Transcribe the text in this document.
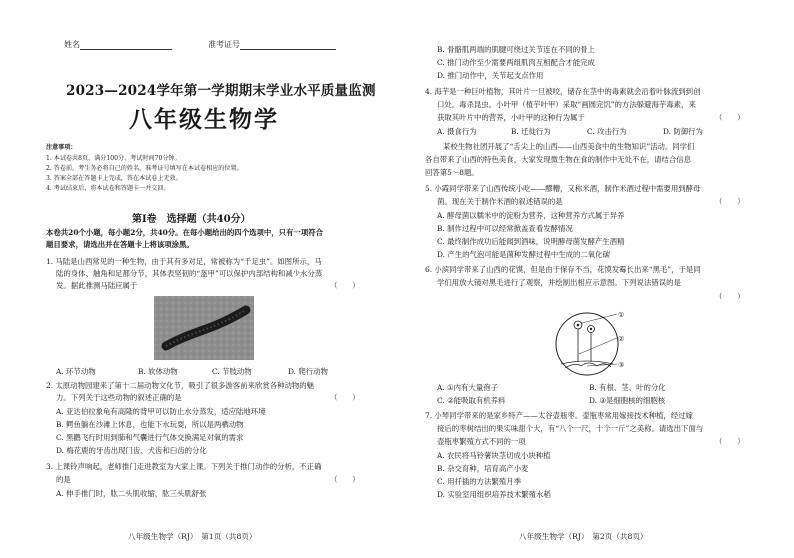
姓名	准考证号
2023—2024学年第一学期期末学业水平质量监测
八年级生物学
注意事项：
1. 本试卷共8页，满分100分，考试时间70分钟。
2. 答卷前，考生务必将自己的姓名、准考证号填写在本试卷相应的位置。
3. 答案全部在答题卡上完成，答在本试卷上无效。
4. 考试结束后，将本试卷和答题卡一并交回。
第Ⅰ卷　选择题（共40分）
本卷共20个小题，每小题2分，共40分。在每小题给出的四个选项中，只有一项符合
题目要求，请选出并在答题卡上将该项涂黑。
1. 马陆是山西常见的一种生物，由于其有多对足，常被称为“千足虫”。如图所示，马
陆的身体、触角和足都分节，其体表坚韧的“盔甲”可以保护内部结构和减少水分蒸
发。据此推测马陆应属于	（　　）
A. 环节动物	B. 软体动物	C. 节肢动物	D. 爬行动物
2. 太原动物园建来了第十二届动物文化节，吸引了很多游客前来欣赏各种动物的魅
力。下列关于这些动物的叙述正确的是	（　　）
A. 亚达伯拉象龟有高隆的背甲可以防止水分蒸发，适应陆地环境
B. 鳄鱼躺在沙滩上休息，也能下水玩耍，所以是两栖动物
C. 黑鹳飞行时用到肺和气囊进行气体交换满足对氧的需求
D. 梅花鹿的牙齿出现门齿、犬齿和臼齿的分化
3. 上课铃声响起，老师推门走进教室为大家上课。下列关于推门动作的分析，不正确
的是	（　　）
A. 伸手推门时，肱二头肌收缩，肱三头肌舒张
八年级生物学（RJ）　第1页（共8页）
B. 骨骼肌两端的肌腱可绕过关节连在不同的骨上
C. 推门动作至少需要两组肌肉互相配合才能完成
D. 推门动作中，关节起支点作用
4. 海芋是一种巨叶植物，其叶片一旦被咬，储存在茎中的毒素就会沿着叶脉流到到创
口处，毒杀昆虫。小叶甲（植芋叶甲）采取“画圆完饥”的方法躲避海芋毒素，来
获取其叶片中的营养，小叶甲的这种行为属于	（　　）
A. 摄食行为	B. 迁徙行为	C. 攻击行为	D. 防御行为
某校生物社团开展了“舌尖上的山西——山西美食中的生物知识”活动。同学们
各自带来了山西的特色美食，大家发现微生物在食的制作中无处不在，请结合信息
回答第5～8题。
5. 小霞同学带来了山西传统小吃——醪糟，又称米酒，制作米酒过程中需要用到酵母
菌。现在关于制作米酒的叙述错误的是	（　　）
A. 酵母菌以糯米中的淀粉为营养，这种营养方式属于异养
B. 制作过程中可以经常掀盖查看发酵情况
C. 最终制作成功后能闻到酒味，说明酵母菌发酵产生酒精
D. 产生的气泡可能是菌种发酵过程中生成的二氧化碳
6. 小滨同学带来了山西的花馍，但是由于保存不当，花馍发霉长出来“黑毛”，于是同
学们用放大镜对黑毛进行了观察，并绘制出相应示意图。下列说法错误的是
（　　）
①
②
③
A. ①内有大量孢子	B. 有根、茎、叶的分化
C. ②能吸取有机养料	D. ③是细胞核的细胞核
7. 小琴同学带来的是家乡特产——太谷壶瓶枣。壶瓶枣常用嫁接技术种植，经过嫁
接后的枣树结出的果实味甜个大，有“八个一尺，十个一斤”之美称。请选出下面与
壶瓶枣繁殖方式不同的一项	（　　）
A. 农民将马铃薯块茎切成小块种植
B. 杂交育种，培育高产小麦
C. 用扦插的方法繁殖月季
D. 实验室用组织培养技术繁殖水稻
八年级生物学（RJ）　第2页（共8页）
